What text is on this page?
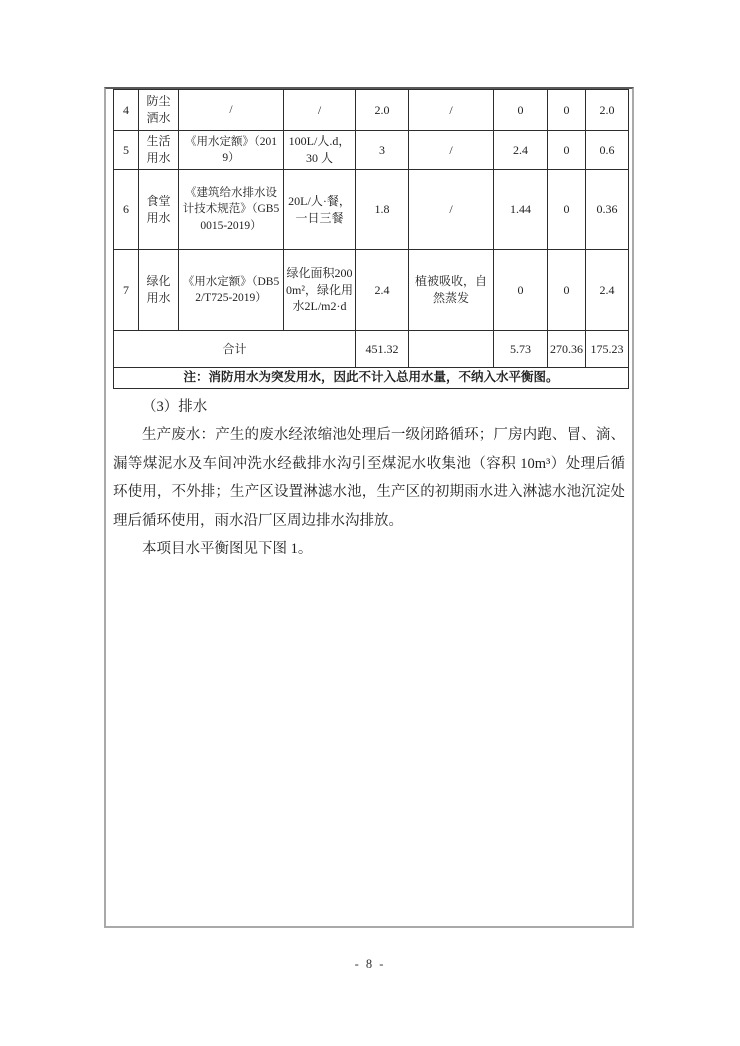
4	防尘洒水	/	/	2.0	/	0	0	2.0
5	生活用水	《用水定额》（2019）	100L/人.d，30 人	3	/	2.4	0	0.6
6	食堂用水	《建筑给水排水设计技术规范》（GB50015-2019）	20L/人·餐，一日三餐	1.8	/	1.44	0	0.36
7	绿化用水	《用水定额》（DB52/T725-2019）	绿化面积2000m²，绿化用水2L/m2·d	2.4	植被吸收，自然蒸发	0	0	2.4
合计				451.32		5.73	270.36	175.23
注：消防用水为突发用水，因此不计入总用水量，不纳入水平衡图。								

（3）排水

生产废水：产生的废水经浓缩池处理后一级闭路循环；厂房内跑、冒、滴、漏等煤泥水及车间冲洗水经截排水沟引至煤泥水收集池（容积 10m³）处理后循环使用，不外排；生产区设置淋滤水池，生产区的初期雨水进入淋滤水池沉淀处理后循环使用，雨水沿厂区周边排水沟排放。

本项目水平衡图见下图 1。

- 8 -
